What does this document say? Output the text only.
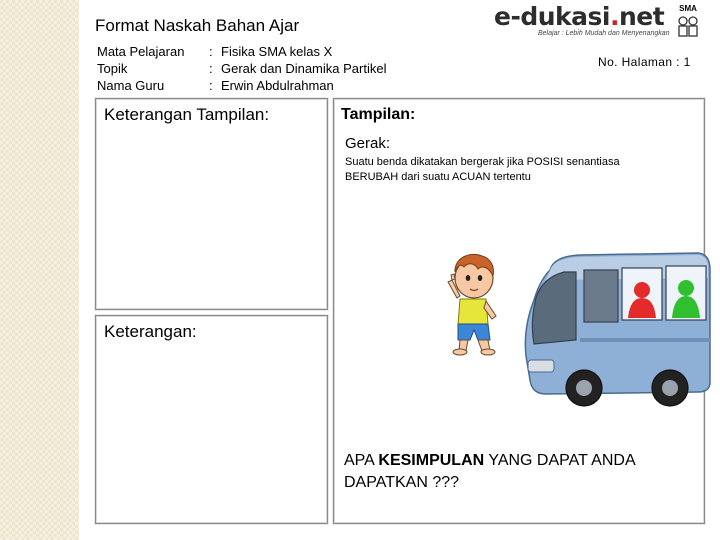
Format Naskah Bahan Ajar
Mata Pelajaran	: Fisika SMA kelas X
Topik	: Gerak dan Dinamika Partikel
Nama Guru	: Erwin Abdulrahman
e-dukasi.net
Belajar : Lebih Mudah dan Menyenangkan
SMA
No. Halaman : 1
Keterangan Tampilan:
Keterangan:
Tampilan:
Gerak:
Suatu benda dikatakan bergerak jika POSISI senantiasa BERUBAH dari suatu ACUAN tertentu
APA KESIMPULAN YANG DAPAT ANDA DAPATKAN ???
